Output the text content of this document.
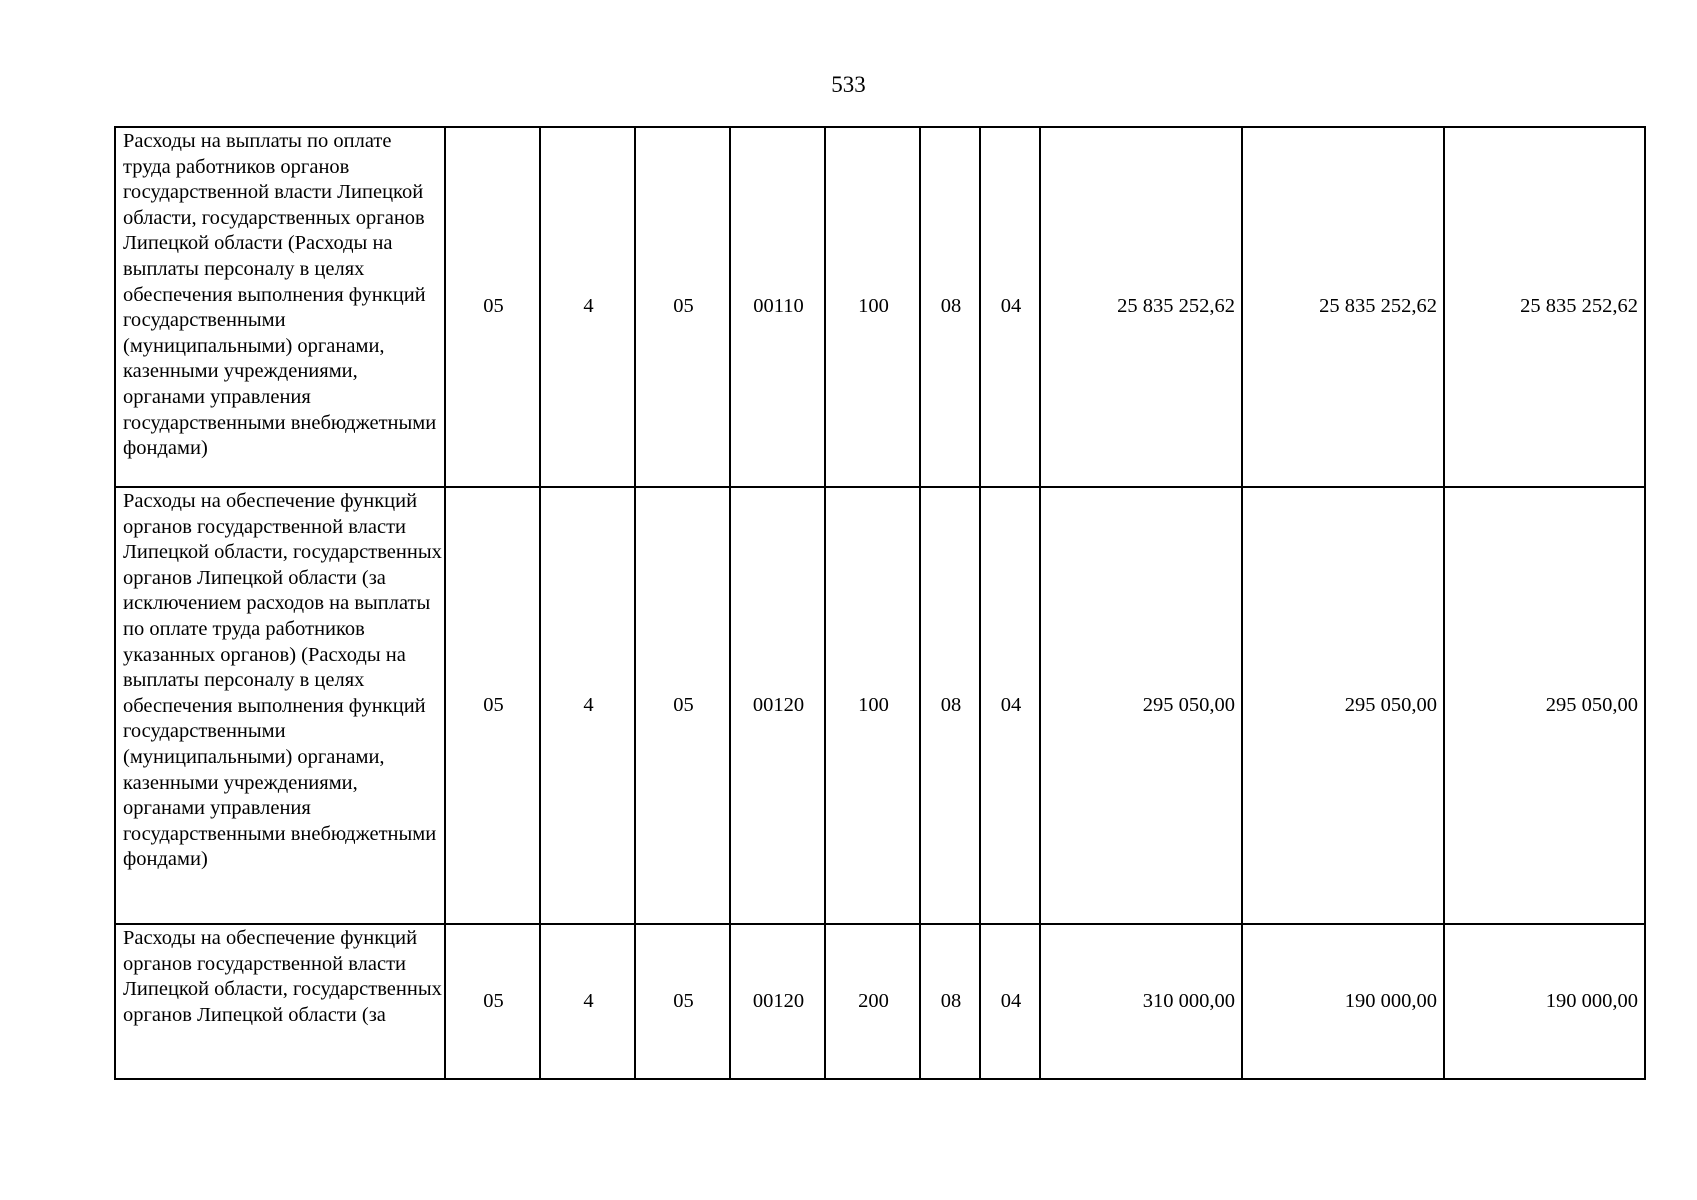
533
Расходы на выплаты по оплате труда работников органов государственной власти Липецкой области, государственных органов Липецкой области (Расходы на выплаты персоналу в целях обеспечения выполнения функций государственными (муниципальными) органами, казенными учреждениями, органами управления государственными внебюджетными фондами)	05	4	05	00110	100	08	04	25 835 252,62	25 835 252,62	25 835 252,62
Расходы на обеспечение функций органов государственной власти Липецкой области, государственных органов Липецкой области (за исключением расходов на выплаты по оплате труда работников указанных органов) (Расходы на выплаты персоналу в целях обеспечения выполнения функций государственными (муниципальными) органами, казенными учреждениями, органами управления государственными внебюджетными фондами)	05	4	05	00120	100	08	04	295 050,00	295 050,00	295 050,00
Расходы на обеспечение функций органов государственной власти Липецкой области, государственных органов Липецкой области (за	05	4	05	00120	200	08	04	310 000,00	190 000,00	190 000,00
